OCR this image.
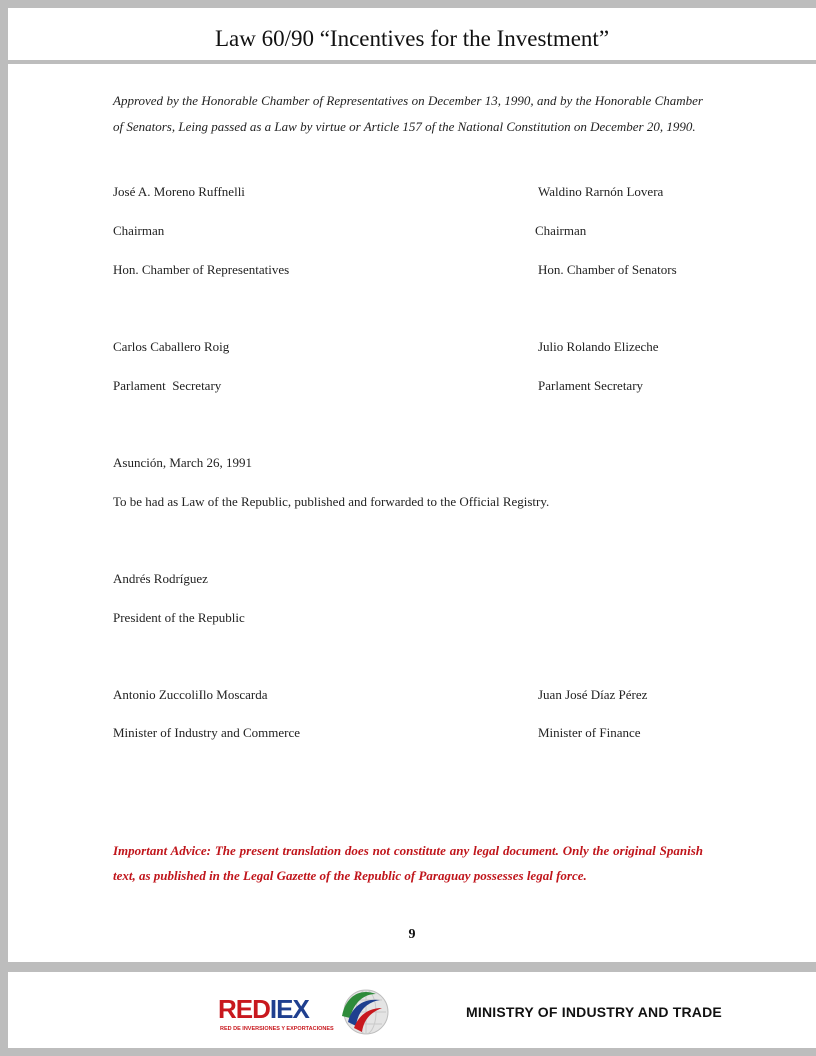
Law 60/90 “Incentives for the Investment”
Approved by the Honorable Chamber of Representatives on December 13, 1990, and by the Honorable Chamber of Senators, Leing passed as a Law by virtue or Article 157 of the National Constitution on December 20, 1990.
José A. Moreno Ruffnelli	Waldino Rarnón Lovera
Chairman	Chairman
Hon. Chamber of Representatives	Hon. Chamber of Senators
Carlos Caballero Roig	Julio Rolando Elizeche
Parlament  Secretary	Parlament Secretary
Asunción, March 26, 1991
To be had as Law of the Republic, published and forwarded to the Official Registry.
Andrés Rodríguez
President of the Republic
Antonio ZuccoliIlo Moscarda	Juan José Díaz Pérez
Minister of Industry and Commerce	Minister of Finance
Important Advice: The present translation does not constitute any legal document. Only the original Spanish text, as published in the Legal Gazette of the Republic of Paraguay possesses legal force.
9
REDIEX
RED DE INVERSIONES Y EXPORTACIONES
MINISTRY OF INDUSTRY AND TRADE
